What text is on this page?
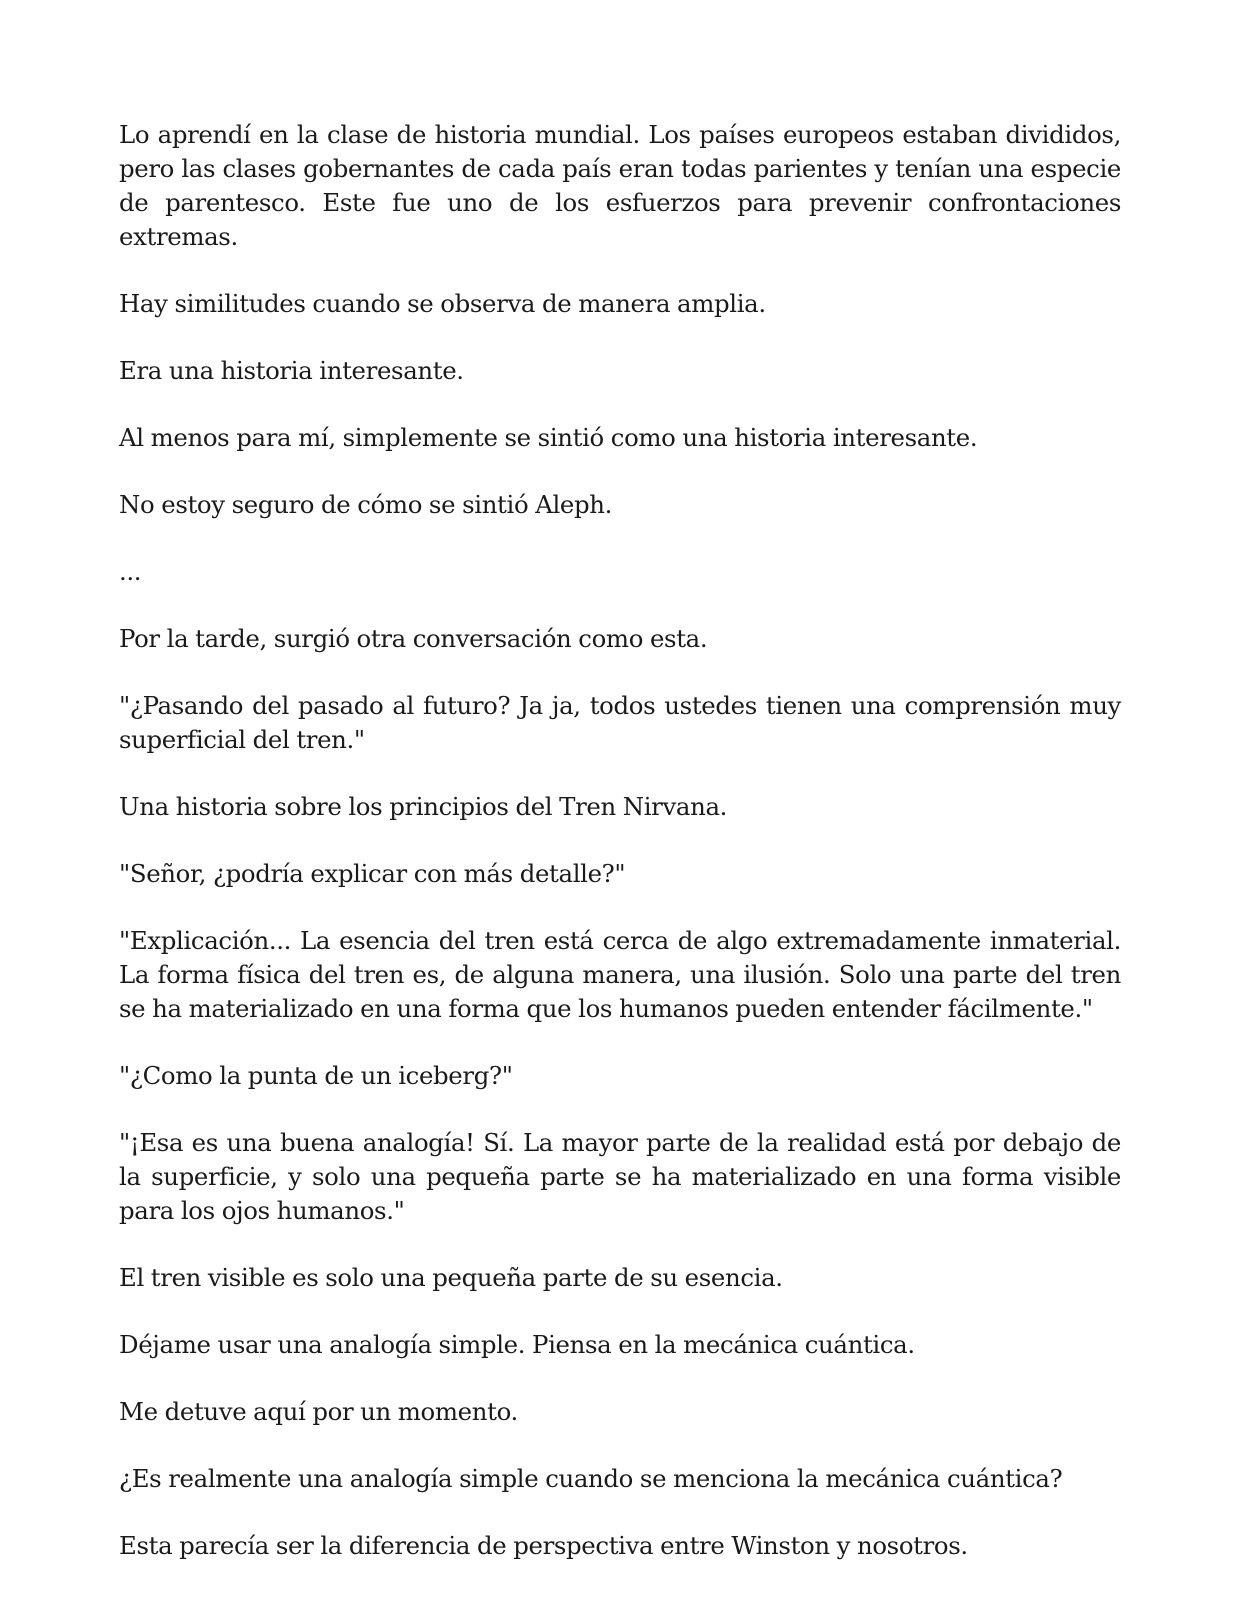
Lo aprendí en la clase de historia mundial. Los países europeos estaban divididos, pero las clases gobernantes de cada país eran todas parientes y tenían una especie de parentesco. Este fue uno de los esfuerzos para prevenir confrontaciones extremas.

Hay similitudes cuando se observa de manera amplia.

Era una historia interesante.

Al menos para mí, simplemente se sintió como una historia interesante.

No estoy seguro de cómo se sintió Aleph.

...

Por la tarde, surgió otra conversación como esta.

"¿Pasando del pasado al futuro? Ja ja, todos ustedes tienen una comprensión muy superficial del tren."

Una historia sobre los principios del Tren Nirvana.

"Señor, ¿podría explicar con más detalle?"

"Explicación... La esencia del tren está cerca de algo extremadamente inmaterial. La forma física del tren es, de alguna manera, una ilusión. Solo una parte del tren se ha materializado en una forma que los humanos pueden entender fácilmente."

"¿Como la punta de un iceberg?"

"¡Esa es una buena analogía! Sí. La mayor parte de la realidad está por debajo de la superficie, y solo una pequeña parte se ha materializado en una forma visible para los ojos humanos."

El tren visible es solo una pequeña parte de su esencia.

Déjame usar una analogía simple. Piensa en la mecánica cuántica.

Me detuve aquí por un momento.

¿Es realmente una analogía simple cuando se menciona la mecánica cuántica?

Esta parecía ser la diferencia de perspectiva entre Winston y nosotros.
